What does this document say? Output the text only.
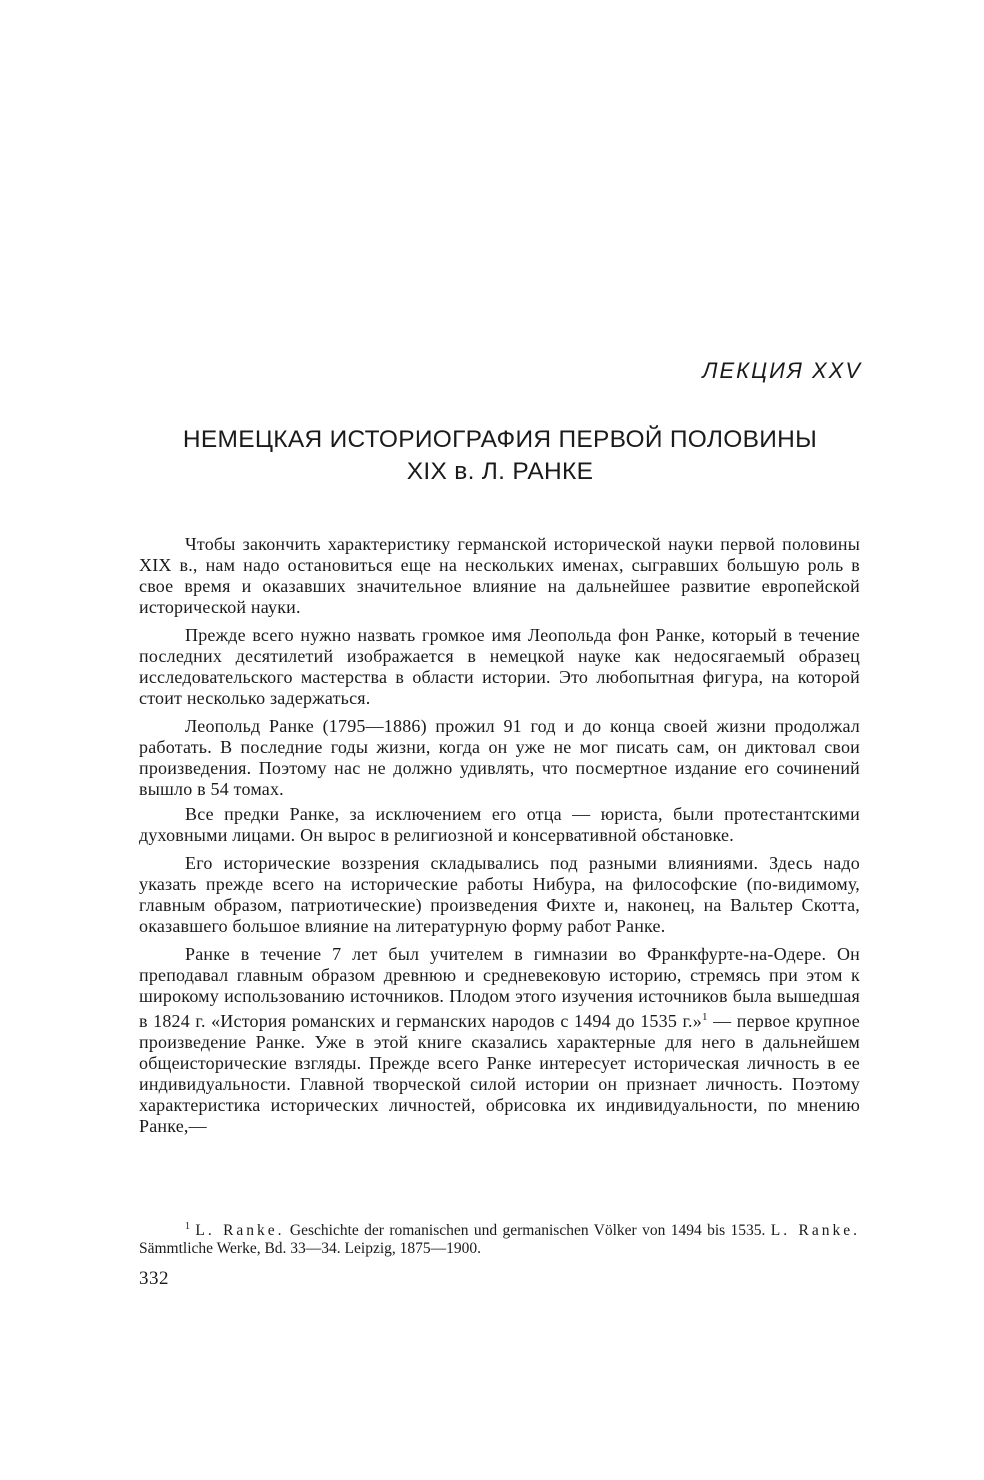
ЛЕКЦИЯ XXV
НЕМЕЦКАЯ ИСТОРИОГРАФИЯ ПЕРВОЙ ПОЛОВИНЫ
XIX в. Л. РАНКЕ

Чтобы закончить характеристику германской исторической науки первой половины XIX в., нам надо остановиться еще на нескольких именах, сыгравших большую роль в свое время и оказавших значительное влияние на дальнейшее развитие европейской исторической науки.

Прежде всего нужно назвать громкое имя Леопольда фон Ранке, который в течение последних десятилетий изображается в немецкой науке как недосягаемый образец исследовательского мастерства в области истории. Это любопытная фигура, на которой стоит несколько задержаться.

Леопольд Ранке (1795—1886) прожил 91 год и до конца своей жизни продолжал работать. В последние годы жизни, когда он уже не мог писать сам, он диктовал свои произведения. Поэтому нас не должно удивлять, что посмертное издание его сочинений вышло в 54 томах.

Все предки Ранке, за исключением его отца — юриста, были протестантскими духовными лицами. Он вырос в религиозной и консервативной обстановке.

Его исторические воззрения складывались под разными влияниями. Здесь надо указать прежде всего на исторические работы Нибура, на философские (по-видимому, главным образом, патриотические) произведения Фихте и, наконец, на Вальтер Скотта, оказавшего большое влияние на литературную форму работ Ранке.

Ранке в течение 7 лет был учителем в гимназии во Франкфурте-на-Одере. Он преподавал главным образом древнюю и средневековую историю, стремясь при этом к широкому использованию источников. Плодом этого изучения источников была вышедшая в 1824 г. «История романских и германских народов с 1494 до 1535 г.»$^1$ — первое крупное произведение Ранке. Уже в этой книге сказались характерные для него в дальнейшем общеисторические взгляды. Прежде всего Ранке интересует историческая личность в ее индивидуальности. Главной творческой силой истории он признает личность. Поэтому характеристика исторических личностей, обрисовка их индивидуальности, по мнению Ранке,—

$^1$ L. Ranke. Geschichte der romanischen und germanischen Völker von 1494 bis 1535. L. Ranke. Sämmtliche Werke, Bd. 33—34. Leipzig, 1875—1900.
332
